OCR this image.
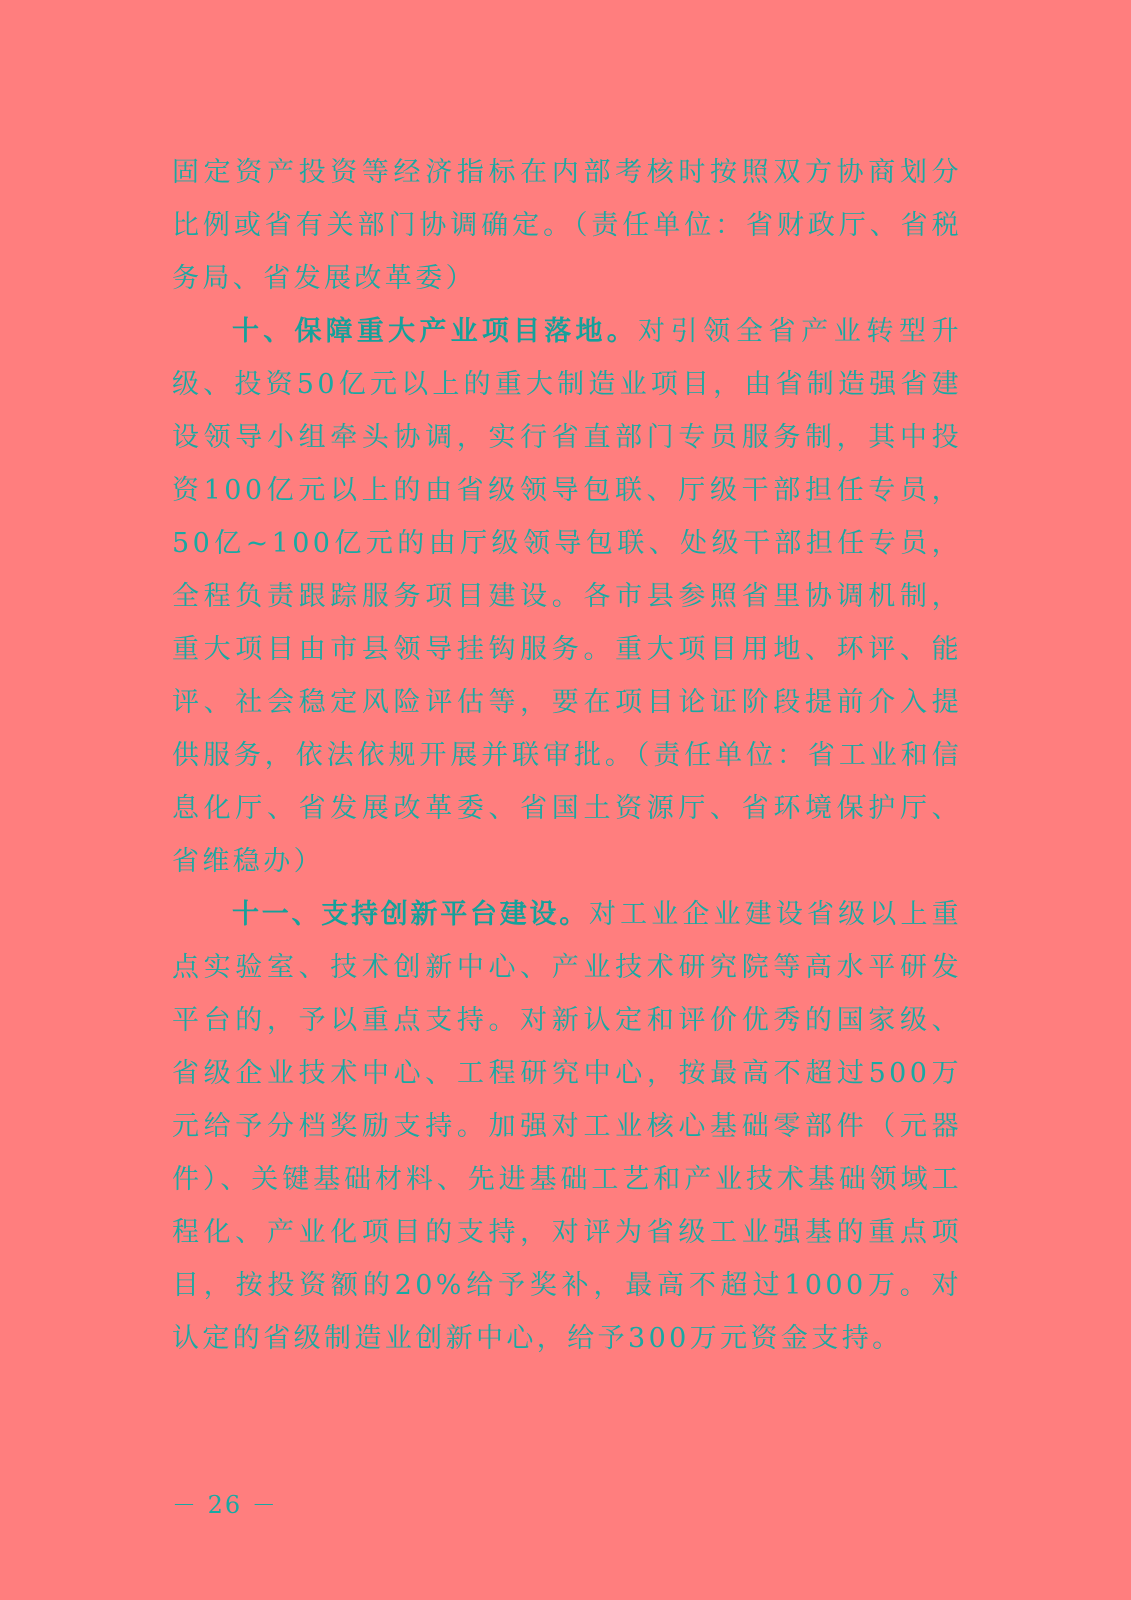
固定资产投资等经济指标在内部考核时按照双方协商划分比例或省有关部门协调确定。（责任单位：省财政厅、省税务局、省发展改革委）

十、保障重大产业项目落地。对引领全省产业转型升级、投资50亿元以上的重大制造业项目，由省制造强省建设领导小组牵头协调，实行省直部门专员服务制，其中投资100亿元以上的由省级领导包联、厅级干部担任专员，50亿~100亿元的由厅级领导包联、处级干部担任专员，全程负责跟踪服务项目建设。各市县参照省里协调机制，重大项目由市县领导挂钩服务。重大项目用地、环评、能评、社会稳定风险评估等，要在项目论证阶段提前介入提供服务，依法依规开展并联审批。（责任单位：省工业和信息化厅、省发展改革委、省国土资源厅、省环境保护厅、省维稳办）

十一、支持创新平台建设。对工业企业建设省级以上重点实验室、技术创新中心、产业技术研究院等高水平研发平台的，予以重点支持。对新认定和评价优秀的国家级、省级企业技术中心、工程研究中心，按最高不超过500万元给予分档奖励支持。加强对工业核心基础零部件（元器件）、关键基础材料、先进基础工艺和产业技术基础领域工程化、产业化项目的支持，对评为省级工业强基的重点项目，按投资额的20%给予奖补，最高不超过1000万。对认定的省级制造业创新中心，给予300万元资金支持。

－ 26 －
